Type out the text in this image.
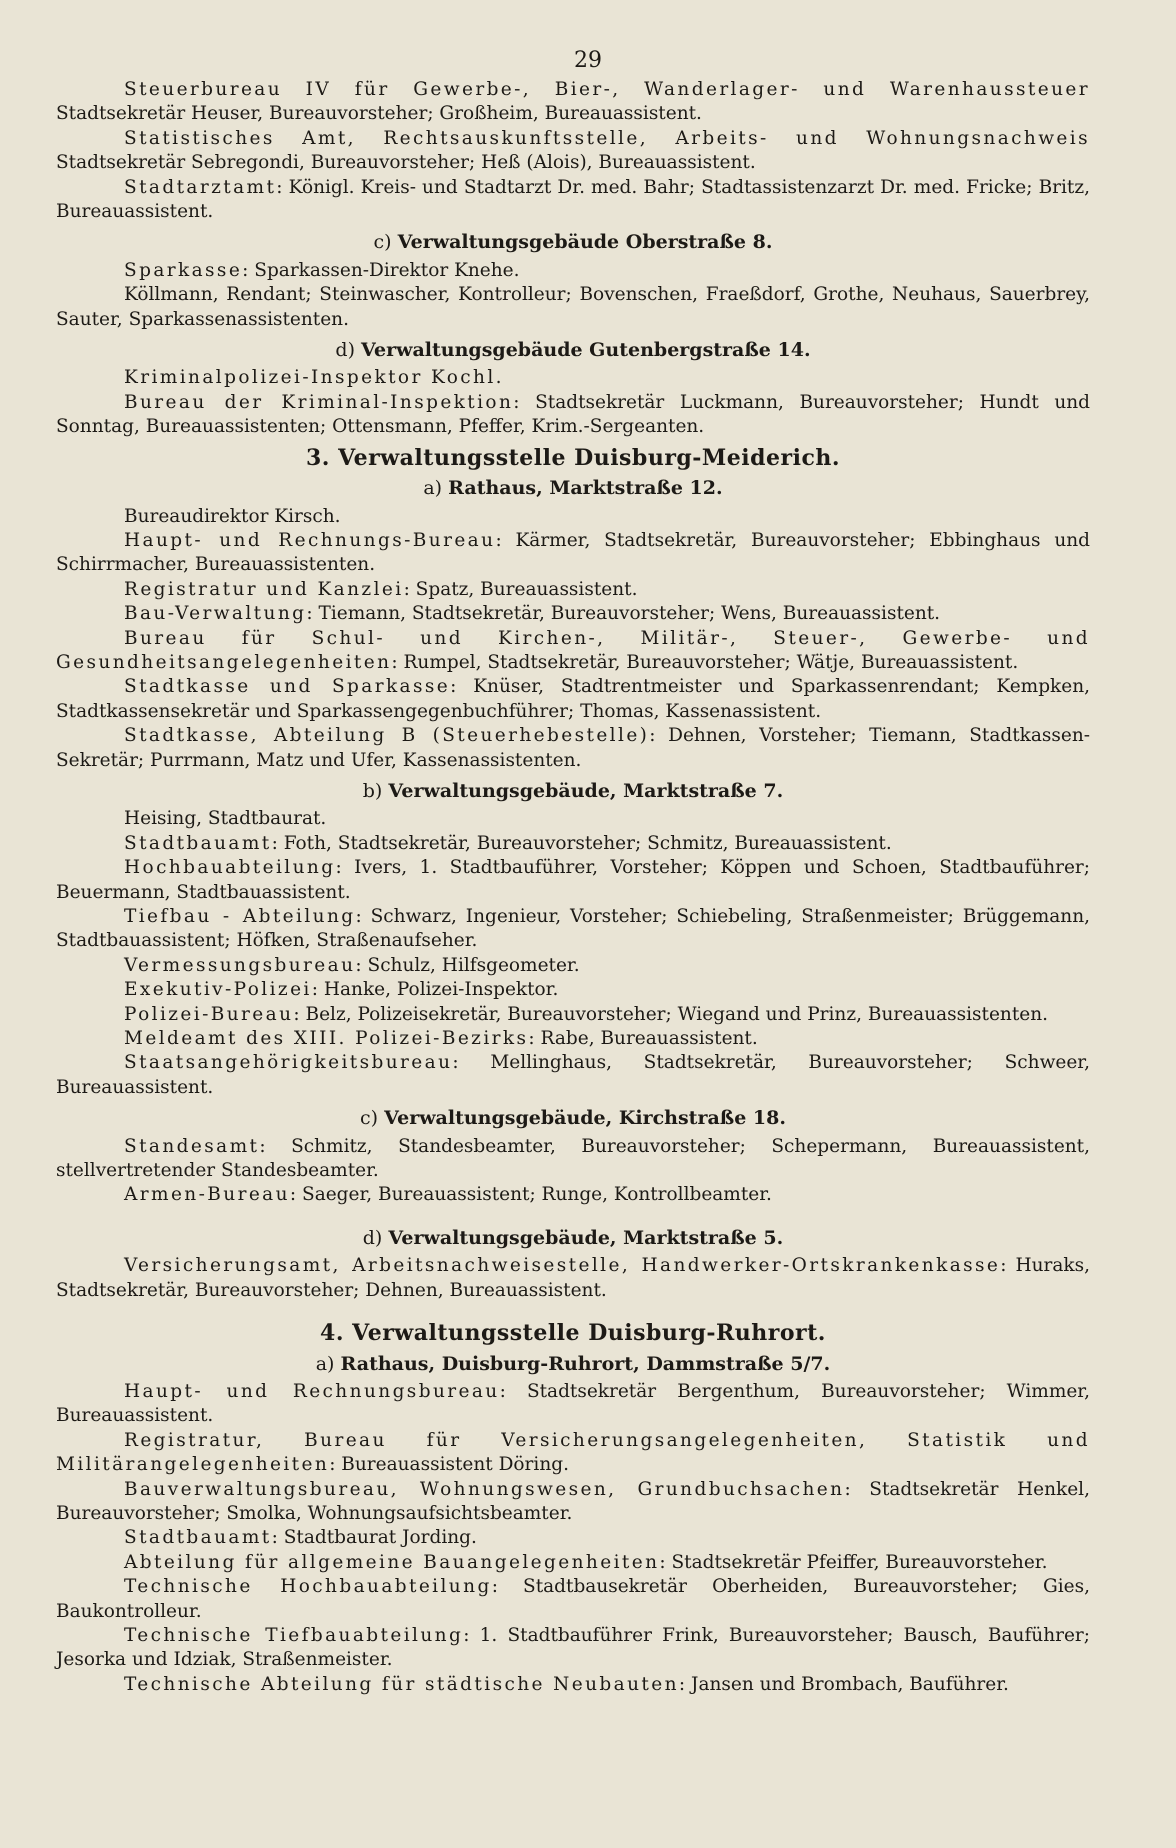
29

Steuerbureau IV für Gewerbe-, Bier-, Wanderlager- und Warenhaussteuer Stadtsekretär Heuser, Bureauvorsteher; Großheim, Bureauassistent.

Statistisches Amt, Rechtsauskunftsstelle, Arbeits- und Wohnungsnachweis Stadtsekretär Sebregondi, Bureauvorsteher; Heß (Alois), Bureauassistent.

Stadtarztamt: Königl. Kreis- und Stadtarzt Dr. med. Bahr; Stadtassistenzarzt Dr. med. Fricke; Britz, Bureauassistent.

c) Verwaltungsgebäude Oberstraße 8.

Sparkasse: Sparkassen-Direktor Knehe.

Köllmann, Rendant; Steinwascher, Kontrolleur; Bovenschen, Fraeßdorf, Grothe, Neuhaus, Sauerbrey, Sauter, Sparkassenassistenten.

d) Verwaltungsgebäude Gutenbergstraße 14.

Kriminalpolizei-Inspektor Kochl.

Bureau der Kriminal-Inspektion: Stadtsekretär Luckmann, Bureauvorsteher; Hundt und Sonntag, Bureauassistenten; Ottensmann, Pfeffer, Krim.-Sergeanten.

3. Verwaltungsstelle Duisburg-Meiderich.
a) Rathaus, Marktstraße 12.

Bureaudirektor Kirsch.

Haupt- und Rechnungs-Bureau: Kärmer, Stadtsekretär, Bureauvorsteher; Ebbinghaus und Schirrmacher, Bureauassistenten.

Registratur und Kanzlei: Spatz, Bureauassistent.

Bau-Verwaltung: Tiemann, Stadtsekretär, Bureauvorsteher; Wens, Bureauassistent.

Bureau für Schul- und Kirchen-, Militär-, Steuer-, Gewerbe- und Gesundheitsangelegenheiten: Rumpel, Stadtsekretär, Bureauvorsteher; Wätje, Bureauassistent.

Stadtkasse und Sparkasse: Knüser, Stadtrentmeister und Sparkassenrendant; Kempken, Stadtkassensekretär und Sparkassengegenbuchführer; Thomas, Kassenassistent.

Stadtkasse, Abteilung B (Steuerhebestelle): Dehnen, Vorsteher; Tiemann, Stadtkassen-Sekretär; Purrmann, Matz und Ufer, Kassenassistenten.

b) Verwaltungsgebäude, Marktstraße 7.

Heising, Stadtbaurat.

Stadtbauamt: Foth, Stadtsekretär, Bureauvorsteher; Schmitz, Bureauassistent.

Hochbauabteilung: Ivers, 1. Stadtbauführer, Vorsteher; Köppen und Schoen, Stadtbauführer; Beuermann, Stadtbauassistent.

Tiefbau - Abteilung: Schwarz, Ingenieur, Vorsteher; Schiebeling, Straßenmeister; Brüggemann, Stadtbauassistent; Höfken, Straßenaufseher.

Vermessungsbureau: Schulz, Hilfsgeometer.

Exekutiv-Polizei: Hanke, Polizei-Inspektor.

Polizei-Bureau: Belz, Polizeisekretär, Bureauvorsteher; Wiegand und Prinz, Bureauassistenten.

Meldeamt des XIII. Polizei-Bezirks: Rabe, Bureauassistent.

Staatsangehörigkeitsbureau: Mellinghaus, Stadtsekretär, Bureauvorsteher; Schweer, Bureauassistent.

c) Verwaltungsgebäude, Kirchstraße 18.

Standesamt: Schmitz, Standesbeamter, Bureauvorsteher; Schepermann, Bureauassistent, stellvertretender Standesbeamter.

Armen-Bureau: Saeger, Bureauassistent; Runge, Kontrollbeamter.

d) Verwaltungsgebäude, Marktstraße 5.

Versicherungsamt, Arbeitsnachweisestelle, Handwerker-Ortskrankenkasse: Huraks, Stadtsekretär, Bureauvorsteher; Dehnen, Bureauassistent.

4. Verwaltungsstelle Duisburg-Ruhrort.
a) Rathaus, Duisburg-Ruhrort, Dammstraße 5/7.

Haupt- und Rechnungsbureau: Stadtsekretär Bergenthum, Bureauvorsteher; Wimmer, Bureauassistent.

Registratur, Bureau für Versicherungsangelegenheiten, Statistik und Militärangelegenheiten: Bureauassistent Döring.

Bauverwaltungsbureau, Wohnungswesen, Grundbuchsachen: Stadtsekretär Henkel, Bureauvorsteher; Smolka, Wohnungsaufsichtsbeamter.

Stadtbauamt: Stadtbaurat Jording.

Abteilung für allgemeine Bauangelegenheiten: Stadtsekretär Pfeiffer, Bureauvorsteher.

Technische Hochbauabteilung: Stadtbausekretär Oberheiden, Bureauvorsteher; Gies, Baukontrolleur.

Technische Tiefbauabteilung: 1. Stadtbauführer Frink, Bureauvorsteher; Bausch, Bauführer; Jesorka und Idziak, Straßenmeister.

Technische Abteilung für städtische Neubauten: Jansen und Brombach, Bauführer.
